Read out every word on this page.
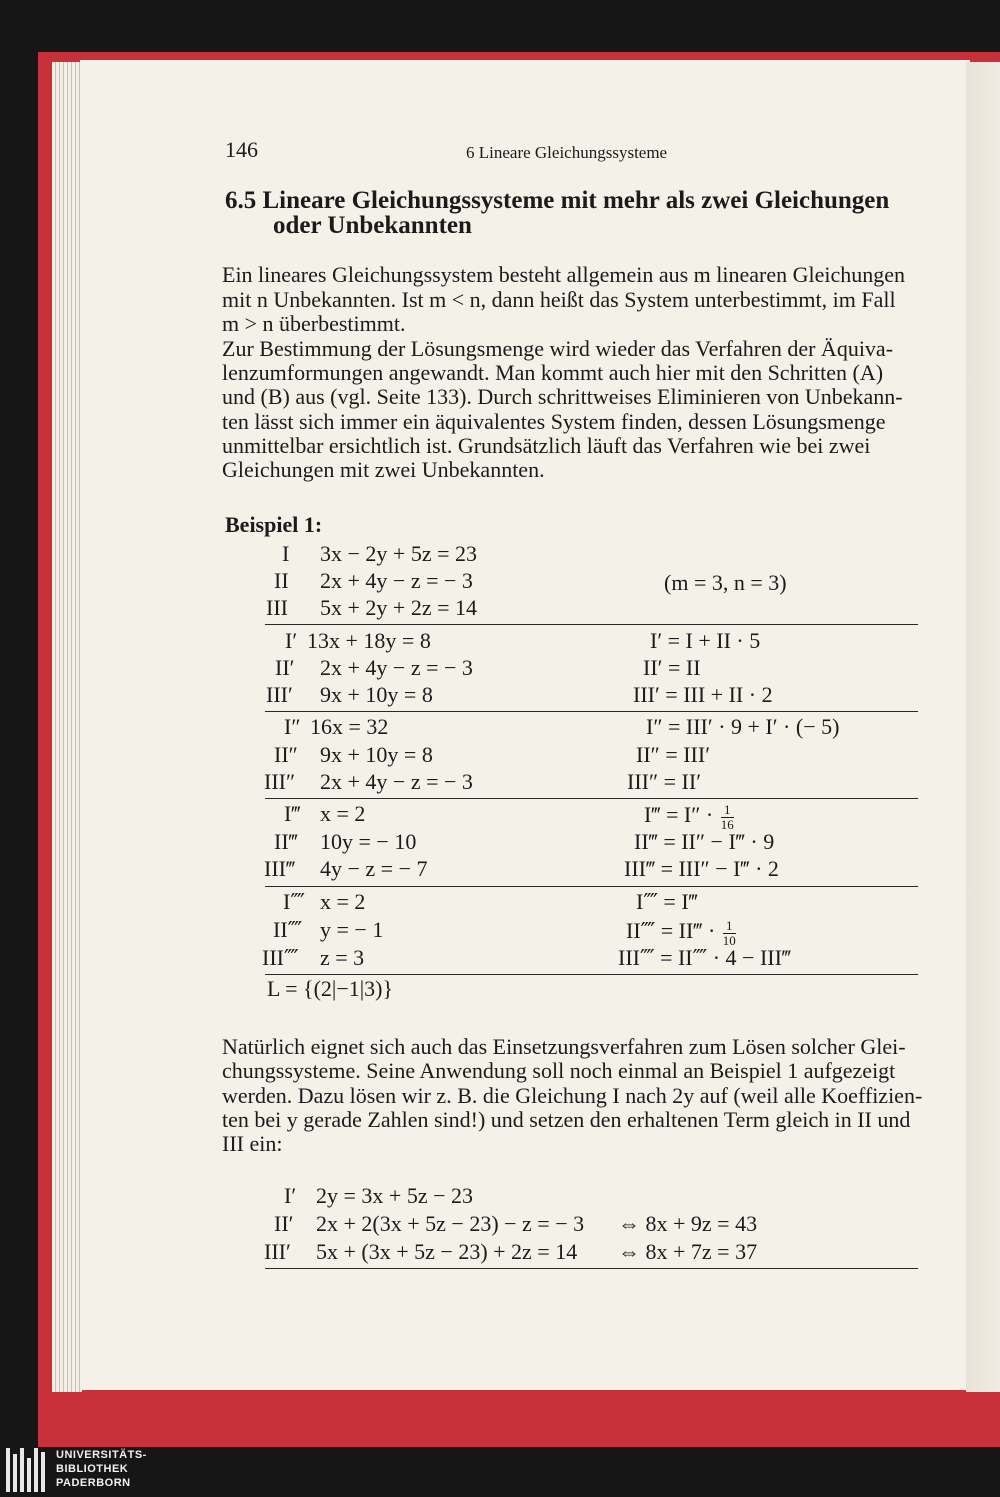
146	6 Lineare Gleichungssysteme
6.5 Lineare Gleichungssysteme mit mehr als zwei Gleichungen
oder Unbekannten
Ein lineares Gleichungssystem besteht allgemein aus m linearen Gleichungen
mit n Unbekannten. Ist m < n, dann heißt das System unterbestimmt, im Fall
m > n überbestimmt.
Zur Bestimmung der Lösungsmenge wird wieder das Verfahren der Äquiva-
lenzumformungen angewandt. Man kommt auch hier mit den Schritten (A)
und (B) aus (vgl. Seite 133). Durch schrittweises Eliminieren von Unbekann-
ten lässt sich immer ein äquivalentes System finden, dessen Lösungsmenge
unmittelbar ersichtlich ist. Grundsätzlich läuft das Verfahren wie bei zwei
Gleichungen mit zwei Unbekannten.
Beispiel 1:
I 3x − 2y + 5z = 23
II 2x + 4y − z = − 3	(m = 3, n = 3)
III 5x + 2y + 2z = 14
I′ 13x + 18y = 8	I′ = I + II · 5
II′ 2x + 4y − z = − 3	II′ = II
III′ 9x + 10y = 8	III′ = III + II · 2
I″ 16x = 32	I″ = III′ · 9 + I′ · (− 5)
II″ 9x + 10y = 8	II″ = III′
III″ 2x + 4y − z = − 3	III″ = II′
I‴ x = 2	I‴ = $I'' \cdot \frac{1}{16}$
II‴ 10y = − 10	II‴ = II″ − I‴ · 9
III‴ 4y − z = − 7	III‴ = III″ − I‴ · 2
I⁗ x = 2	I⁗ = I‴
II⁗ y = − 1	II⁗ = II‴ · $\frac{1}{10}$
III⁗ z = 3	III⁗ = II⁗ · 4 − III‴
L = {(2|−1|3)}
Natürlich eignet sich auch das Einsetzungsverfahren zum Lösen solcher Glei-
chungssysteme. Seine Anwendung soll noch einmal an Beispiel 1 aufgezeigt
werden. Dazu lösen wir z. B. die Gleichung I nach 2y auf (weil alle Koeffizien-
ten bei y gerade Zahlen sind!) und setzen den erhaltenen Term gleich in II und
III ein:
I′ 2y = 3x + 5z − 23
II′ 2x + 2(3x + 5z − 23) − z = − 3 ⇔ 8x + 9z = 43
III′ 5x + (3x + 5z − 23) + 2z = 14 ⇔ 8x + 7z = 37
UNIVERSITÄTS-
BIBLIOTHEK
PADERBORN
